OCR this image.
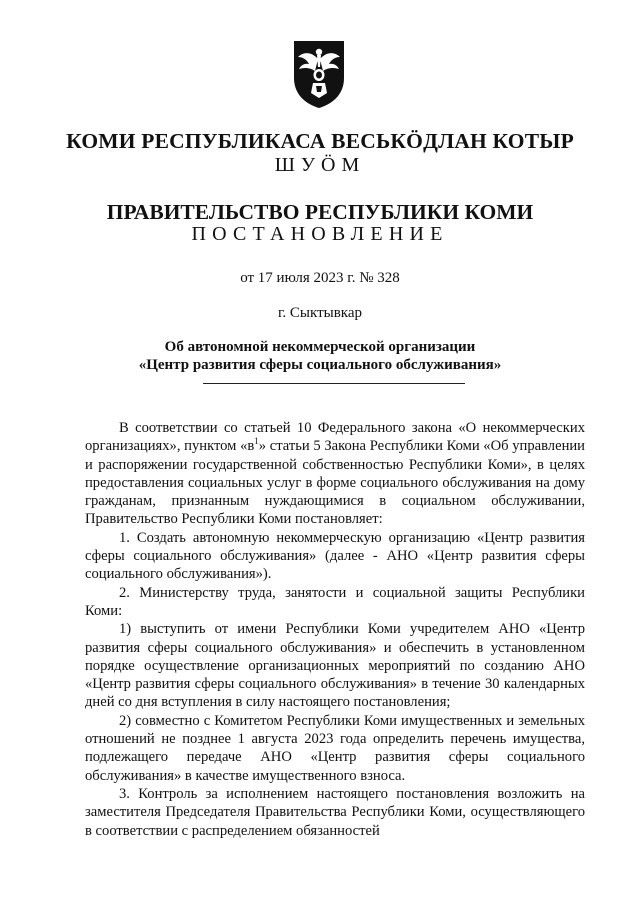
КОМИ РЕСПУБЛИКАСА ВЕСЬКӦДЛАН КОТЫР
ШУӦМ
ПРАВИТЕЛЬСТВО РЕСПУБЛИКИ КОМИ
ПОСТАНОВЛЕНИЕ
от 17 июля 2023 г. № 328
г. Сыктывкар
Об автономной некоммерческой организации
«Центр развития сферы социального обслуживания»

В соответствии со статьей 10 Федерального закона «О некоммерческих организациях», пунктом «$в^1$» статьи 5 Закона Республики Коми «Об управлении и распоряжении государственной собственностью Республики Коми», в целях предоставления социальных услуг в форме социального обслуживания на дому гражданам, признанным нуждающимися в социальном обслуживании, Правительство Республики Коми постановляет:

1. Создать автономную некоммерческую организацию «Центр развития сферы социального обслуживания» (далее - АНО «Центр развития сферы социального обслуживания»).

2. Министерству труда, занятости и социальной защиты Республики Коми:

1) выступить от имени Республики Коми учредителем АНО «Центр развития сферы социального обслуживания» и обеспечить в установленном порядке осуществление организационных мероприятий по созданию АНО «Центр развития сферы социального обслуживания» в течение 30 календарных дней со дня вступления в силу настоящего постановления;

2) совместно с Комитетом Республики Коми имущественных и земельных отношений не позднее 1 августа 2023 года определить перечень имущества, подлежащего передаче АНО «Центр развития сферы социального обслуживания» в качестве имущественного взноса.

3. Контроль за исполнением настоящего постановления возложить на заместителя Председателя Правительства Республики Коми, осуществляющего в соответствии с распределением обязанностей
